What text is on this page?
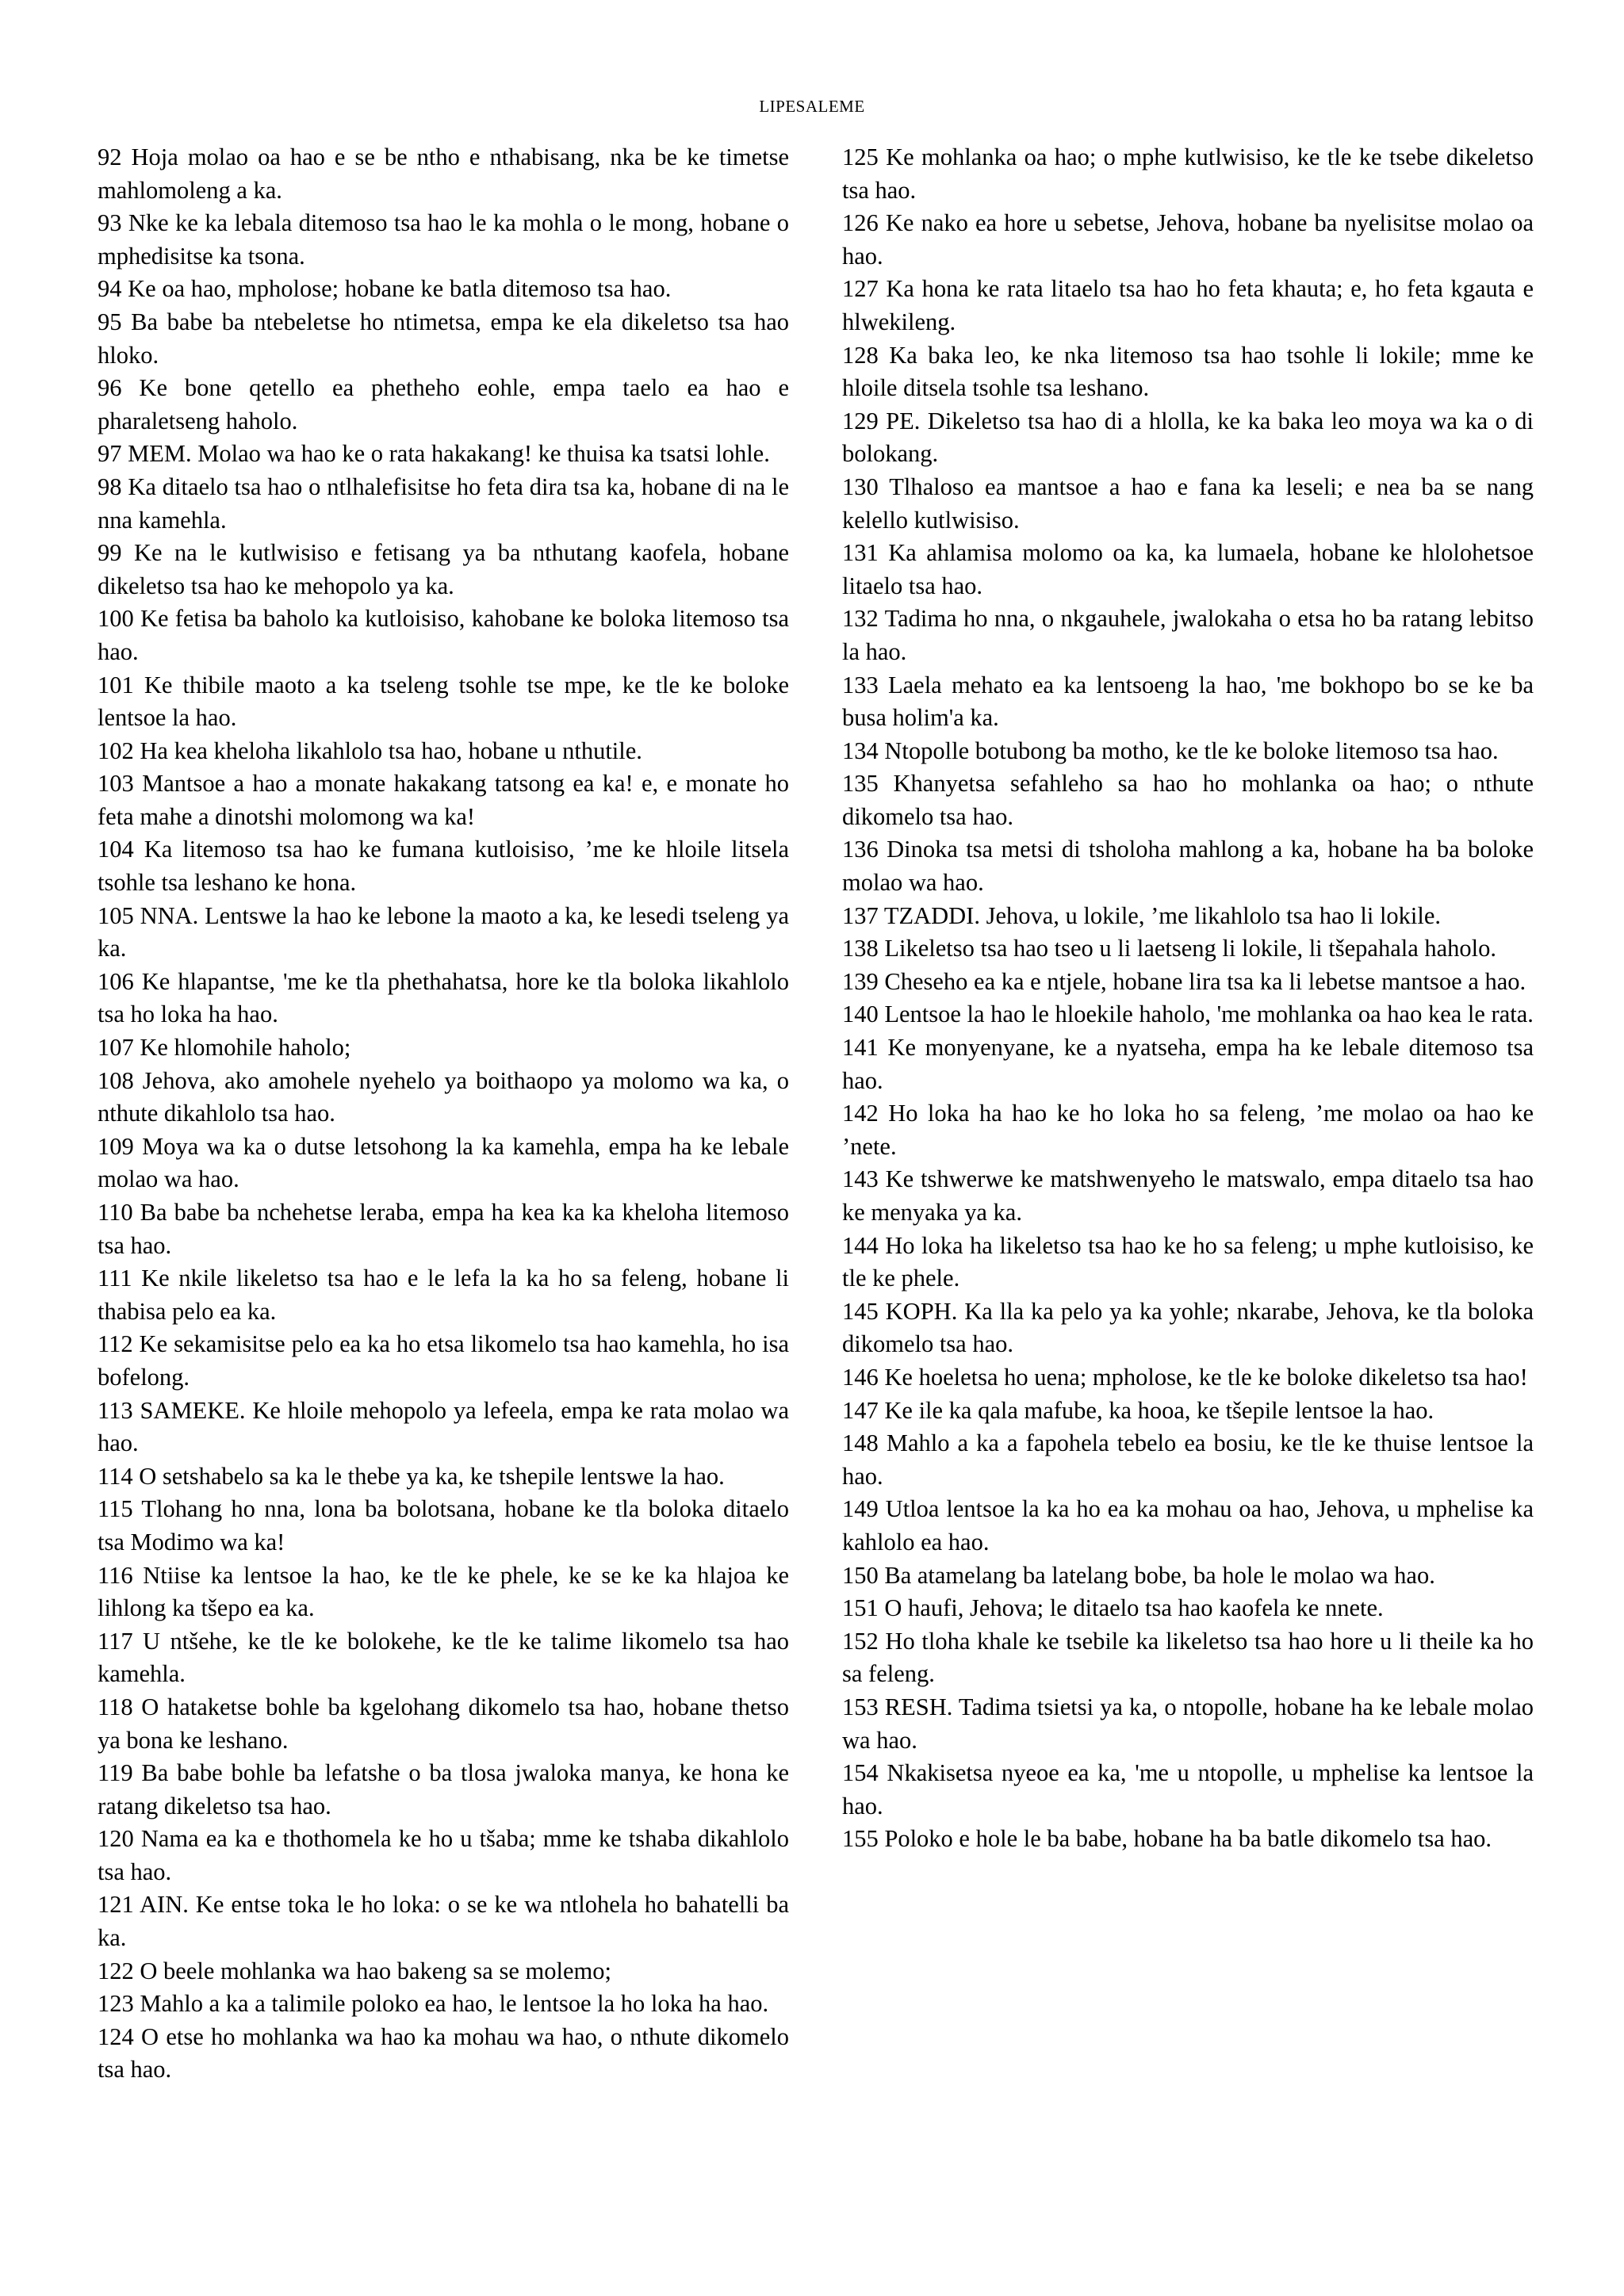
LIPESALEME

92 Hoja molao oa hao e se be ntho e nthabisang, nka be ke timetse mahlomoleng a ka.

93 Nke ke ka lebala ditemoso tsa hao le ka mohla o le mong, hobane o mphedisitse ka tsona.

94 Ke oa hao, mpholose; hobane ke batla ditemoso tsa hao.

95 Ba babe ba ntebeletse ho ntimetsa, empa ke ela dikeletso tsa hao hloko.

96 Ke bone qetello ea phetheho eohle, empa taelo ea hao e pharaletseng haholo.

97 MEM. Molao wa hao ke o rata hakakang! ke thuisa ka tsatsi lohle.

98 Ka ditaelo tsa hao o ntlhalefisitse ho feta dira tsa ka, hobane di na le nna kamehla.

99 Ke na le kutlwisiso e fetisang ya ba nthutang kaofela, hobane dikeletso tsa hao ke mehopolo ya ka.

100 Ke fetisa ba baholo ka kutloisiso, kahobane ke boloka litemoso tsa hao.

101 Ke thibile maoto a ka tseleng tsohle tse mpe, ke tle ke boloke lentsoe la hao.

102 Ha kea kheloha likahlolo tsa hao, hobane u nthutile.

103 Mantsoe a hao a monate hakakang tatsong ea ka! e, e monate ho feta mahe a dinotshi molomong wa ka!

104 Ka litemoso tsa hao ke fumana kutloisiso, ’me ke hloile litsela tsohle tsa leshano ke hona.

105 NNA. Lentswe la hao ke lebone la maoto a ka, ke lesedi tseleng ya ka.

106 Ke hlapantse, 'me ke tla phethahatsa, hore ke tla boloka likahlolo tsa ho loka ha hao.

107 Ke hlomohile haholo;

108 Jehova, ako amohele nyehelo ya boithaopo ya molomo wa ka, o nthute dikahlolo tsa hao.

109 Moya wa ka o dutse letsohong la ka kamehla, empa ha ke lebale molao wa hao.

110 Ba babe ba nchehetse leraba, empa ha kea ka ka kheloha litemoso tsa hao.

111 Ke nkile likeletso tsa hao e le lefa la ka ho sa feleng, hobane li thabisa pelo ea ka.

112 Ke sekamisitse pelo ea ka ho etsa likomelo tsa hao kamehla, ho isa bofelong.

113 SAMEKE. Ke hloile mehopolo ya lefeela, empa ke rata molao wa hao.

114 O setshabelo sa ka le thebe ya ka, ke tshepile lentswe la hao.

115 Tlohang ho nna, lona ba bolotsana, hobane ke tla boloka ditaelo tsa Modimo wa ka!

116 Ntiise ka lentsoe la hao, ke tle ke phele, ke se ke ka hlajoa ke lihlong ka tšepo ea ka.

117 U ntšehe, ke tle ke bolokehe, ke tle ke talime likomelo tsa hao kamehla.

118 O hataketse bohle ba kgelohang dikomelo tsa hao, hobane thetso ya bona ke leshano.

119 Ba babe bohle ba lefatshe o ba tlosa jwaloka manya, ke hona ke ratang dikeletso tsa hao.

120 Nama ea ka e thothomela ke ho u tšaba; mme ke tshaba dikahlolo tsa hao.

121 AIN. Ke entse toka le ho loka: o se ke wa ntlohela ho bahatelli ba ka.

122 O beele mohlanka wa hao bakeng sa se molemo;

123 Mahlo a ka a talimile poloko ea hao, le lentsoe la ho loka ha hao.

124 O etse ho mohlanka wa hao ka mohau wa hao, o nthute dikomelo tsa hao.

125 Ke mohlanka oa hao; o mphe kutlwisiso, ke tle ke tsebe dikeletso tsa hao.

126 Ke nako ea hore u sebetse, Jehova, hobane ba nyelisitse molao oa hao.

127 Ka hona ke rata litaelo tsa hao ho feta khauta; e, ho feta kgauta e hlwekileng.

128 Ka baka leo, ke nka litemoso tsa hao tsohle li lokile; mme ke hloile ditsela tsohle tsa leshano.

129 PE. Dikeletso tsa hao di a hlolla, ke ka baka leo moya wa ka o di bolokang.

130 Tlhaloso ea mantsoe a hao e fana ka leseli; e nea ba se nang kelello kutlwisiso.

131 Ka ahlamisa molomo oa ka, ka lumaela, hobane ke hlolohetsoe litaelo tsa hao.

132 Tadima ho nna, o nkgauhele, jwalokaha o etsa ho ba ratang lebitso la hao.

133 Laela mehato ea ka lentsoeng la hao, 'me bokhopo bo se ke ba busa holim'a ka.

134 Ntopolle botubong ba motho, ke tle ke boloke litemoso tsa hao.

135 Khanyetsa sefahleho sa hao ho mohlanka oa hao; o nthute dikomelo tsa hao.

136 Dinoka tsa metsi di tsholoha mahlong a ka, hobane ha ba boloke molao wa hao.

137 TZADDI. Jehova, u lokile, ’me likahlolo tsa hao li lokile.

138 Likeletso tsa hao tseo u li laetseng li lokile, li tšepahala haholo.

139 Cheseho ea ka e ntjele, hobane lira tsa ka li lebetse mantsoe a hao.

140 Lentsoe la hao le hloekile haholo, 'me mohlanka oa hao kea le rata.

141 Ke monyenyane, ke a nyatseha, empa ha ke lebale ditemoso tsa hao.

142 Ho loka ha hao ke ho loka ho sa feleng, ’me molao oa hao ke ’nete.

143 Ke tshwerwe ke matshwenyeho le matswalo, empa ditaelo tsa hao ke menyaka ya ka.

144 Ho loka ha likeletso tsa hao ke ho sa feleng; u mphe kutloisiso, ke tle ke phele.

145 KOPH. Ka lla ka pelo ya ka yohle; nkarabe, Jehova, ke tla boloka dikomelo tsa hao.

146 Ke hoeletsa ho uena; mpholose, ke tle ke boloke dikeletso tsa hao!

147 Ke ile ka qala mafube, ka hooa, ke tšepile lentsoe la hao.

148 Mahlo a ka a fapohela tebelo ea bosiu, ke tle ke thuise lentsoe la hao.

149 Utloa lentsoe la ka ho ea ka mohau oa hao, Jehova, u mphelise ka kahlolo ea hao.

150 Ba atamelang ba latelang bobe, ba hole le molao wa hao.

151 O haufi, Jehova; le ditaelo tsa hao kaofela ke nnete.

152 Ho tloha khale ke tsebile ka likeletso tsa hao hore u li theile ka ho sa feleng.

153 RESH. Tadima tsietsi ya ka, o ntopolle, hobane ha ke lebale molao wa hao.

154 Nkakisetsa nyeoe ea ka, 'me u ntopolle, u mphelise ka lentsoe la hao.

155 Poloko e hole le ba babe, hobane ha ba batle dikomelo tsa hao.
